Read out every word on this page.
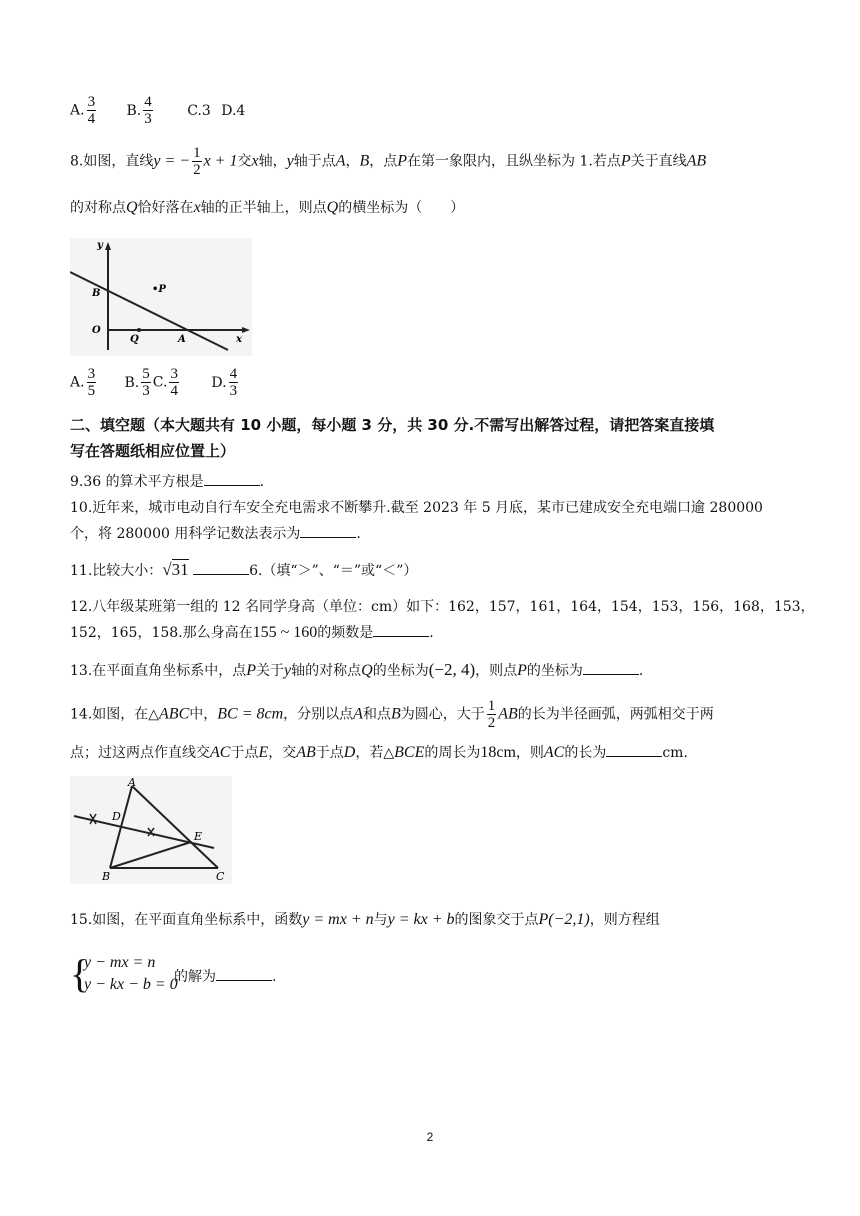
A. $\frac{3}{4} B$. $\frac{4}{3} C.3$ D.4
8.如图，直线y = − $\frac{1}{2}$ x + 1交x轴，y轴于点A，B，点P在第一象限内，且纵坐标为 1.若点P关于直线AB
的对称点Q恰好落在x轴的正半轴上，则点Q的横坐标为（　　）
y
B	•P
O
Q	A	x
A. $\frac{3}{5} B$. $\frac{5}{3} C$. $\frac{3}{4} D$. $\frac{4}{3}$
二、填空题（本大题共有 10 小题，每小题 3 分，共 30 分.不需写出解答过程，请把答案直接填
写在答题纸相应位置上）
9.36 的算术平方根是	.
10.近年来，城市电动自行车安全充电需求不断攀升.截至 2023 年 5 月底，某市已建成安全充电端口逾 280000
个，将 280000 用科学记数法表示为	.
11.比较大小：√31	6.（填“＞”、“＝”或“＜”）
12.八年级某班第一组的 12 名同学身高（单位：cm）如下：162，157，161，164，154，153，156，168，153，
152，165，158.那么身高在155 ~ 160的频数是	.
13.在平面直角坐标系中，点P关于y轴的对称点Q的坐标为(−2, 4)，则点P的坐标为	.
14.如图，在△ABC中，BC = 8cm，分别以点A和点B为圆心，大于 $\frac{1}{2}$ AB的长为半径画弧，两弧相交于两
点；过这两点作直线交AC于点E，交AB于点D，若△BCE的周长为18cm，则AC的长为	cm.
A
D
E
B	C
15.如图，在平面直角坐标系中，函数y = mx + n与y = kx + b的图象交于点P(−2,1)，则方程组
{
y − mx = n
y − kx − b = 0
的解为	.
2
